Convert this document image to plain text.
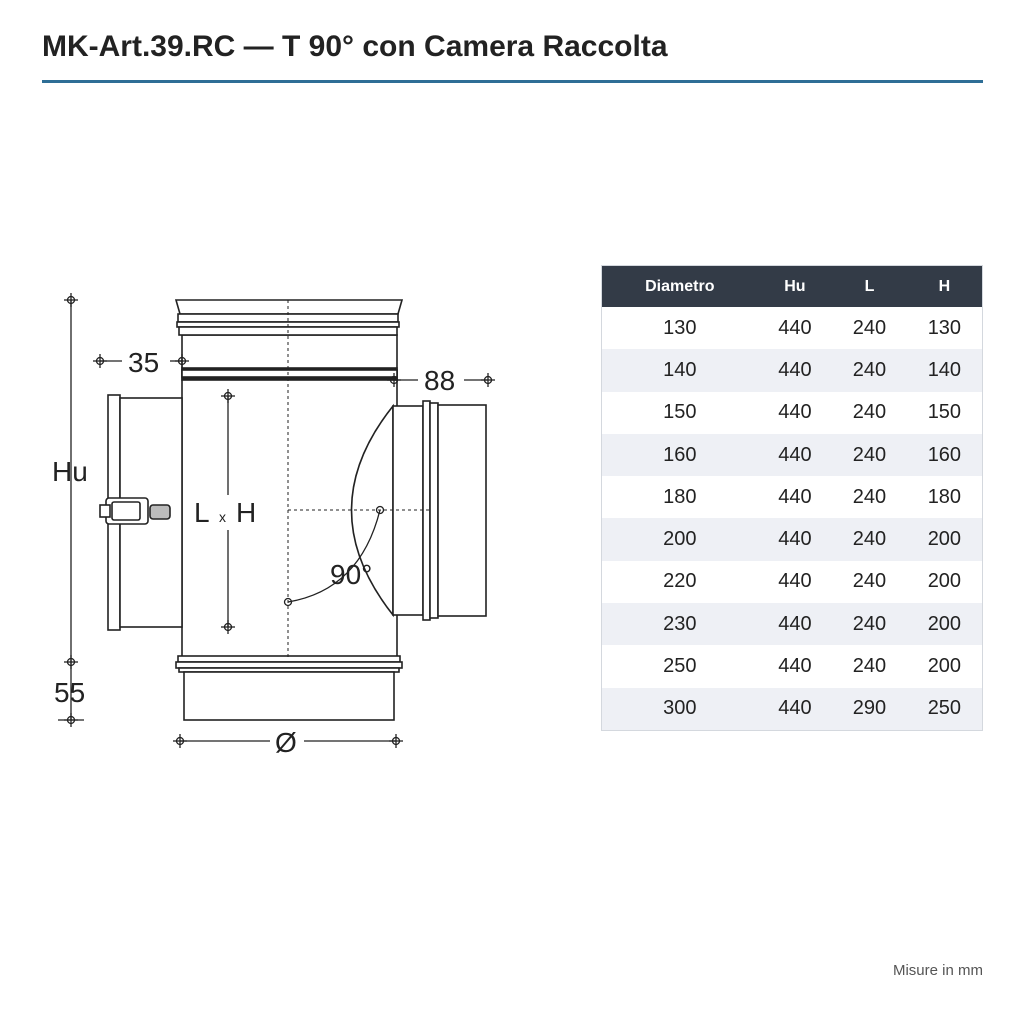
MK-Art.39.RC — T 90° con Camera Raccolta
Hu
55
35
88
L x H
90°
Ø
Diametro	Hu	L	H
130	440	240	130
140	440	240	140
150	440	240	150
160	440	240	160
180	440	240	180
200	440	240	200
220	440	240	200
230	440	240	200
250	440	240	200
300	440	290	250
Misure in mm
